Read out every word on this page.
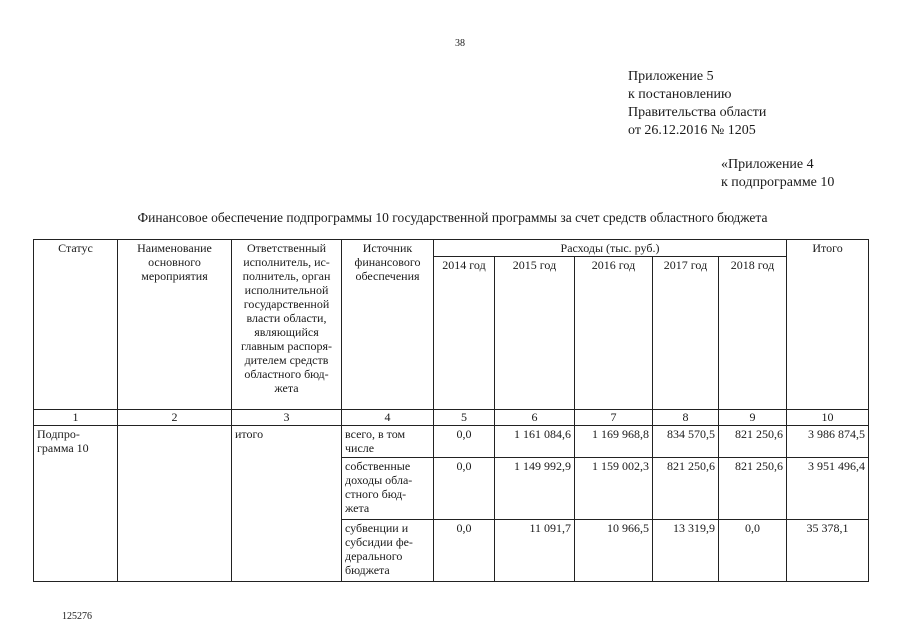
38
Приложение 5
к постановлению
Правительства области
от 26.12.2016 № 1205
«Приложение 4
к подпрограмме 10
Финансовое обеспечение подпрограммы 10 государственной программы за счет средств областного бюджета
Статус	Наименование основного мероприятия	Ответственный исполнитель, ис-полнитель, орган исполнительной государственной власти области, являющийся главным распоря-дителем средств областного бюд-жета	Источник финансового обеспечения	Расходы (тыс. руб.)					Итого
				2014 год	2015 год	2016 год	2017 год	2018 год	
1	2	3	4	5	6	7	8	9	10
Подпро-грамма 10		итого	всего, в том числе	0,0	1 161 084,6	1 169 968,8	834 570,5	821 250,6	3 986 874,5
			собственные доходы обла-стного бюд-жета	0,0	1 149 992,9	1 159 002,3	821 250,6	821 250,6	3 951 496,4
			субвенции и субсидии фе-дерального бюджета	0,0	11 091,7	10 966,5	13 319,9	0,0	35 378,1
125276
